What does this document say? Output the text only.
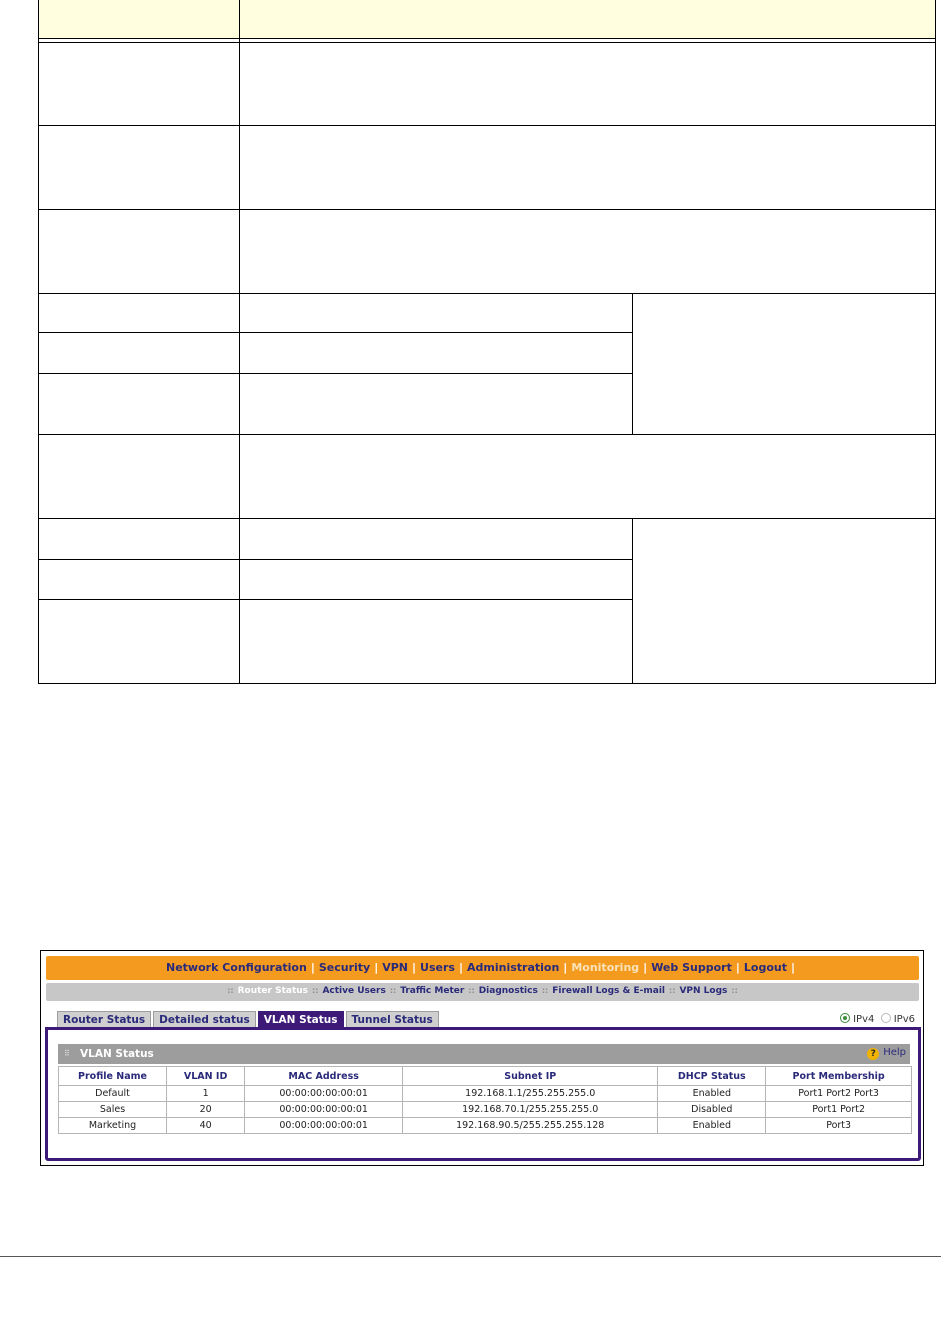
Network Configuration | Security | VPN | Users | Administration | Monitoring | Web Support | Logout |
:: Router Status :: Active Users :: Traffic Meter :: Diagnostics :: Firewall Logs & E-mail :: VPN Logs ::
Router Status	Detailed status	VLAN Status	Tunnel Status	IPv4 IPv6
⠿ VLAN Status	? Help
Profile Name	VLAN ID	MAC Address	Subnet IP	DHCP Status	Port Membership
Default	1	00:00:00:00:00:01	192.168.1.1/255.255.255.0	Enabled	Port1 Port2 Port3
Sales	20	00:00:00:00:00:01	192.168.70.1/255.255.255.0	Disabled	Port1 Port2
Marketing	40	00:00:00:00:00:01	192.168.90.5/255.255.255.128	Enabled	Port3
